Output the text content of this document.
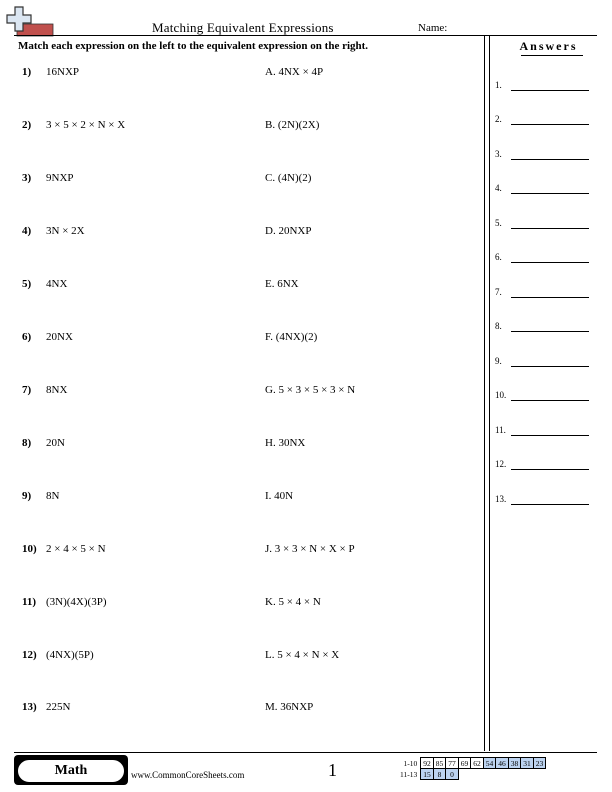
Matching Equivalent Expressions	Name:
Match each expression on the left to the equivalent expression on the right.
1) 16NXP	A. 4NX × 4P
2) 3 × 5 × 2 × N × X	B. (2N)(2X)
3) 9NXP	C. (4N)(2)
4) 3N × 2X	D. 20NXP
5) 4NX	E. 6NX
6) 20NX	F. (4NX)(2)
7) 8NX	G. 5 × 3 × 5 × 3 × N
8) 20N	H. 30NX
9) 8N	I. 40N
10) 2 × 4 × 5 × N	J. 3 × 3 × N × X × P
11) (3N)(4X)(3P)	K. 5 × 4 × N
12) (4NX)(5P)	L. 5 × 4 × N × X
13) 225N	M. 36NXP
Answers
1.
2.
3.
4.
5.
6.
7.
8.
9.
10.
11.
12.
13.
Math	www.CommonCoreSheets.com	1	1-10	92	85	77	69	62	54	46	38	31	23
11-13	15	8	0							
